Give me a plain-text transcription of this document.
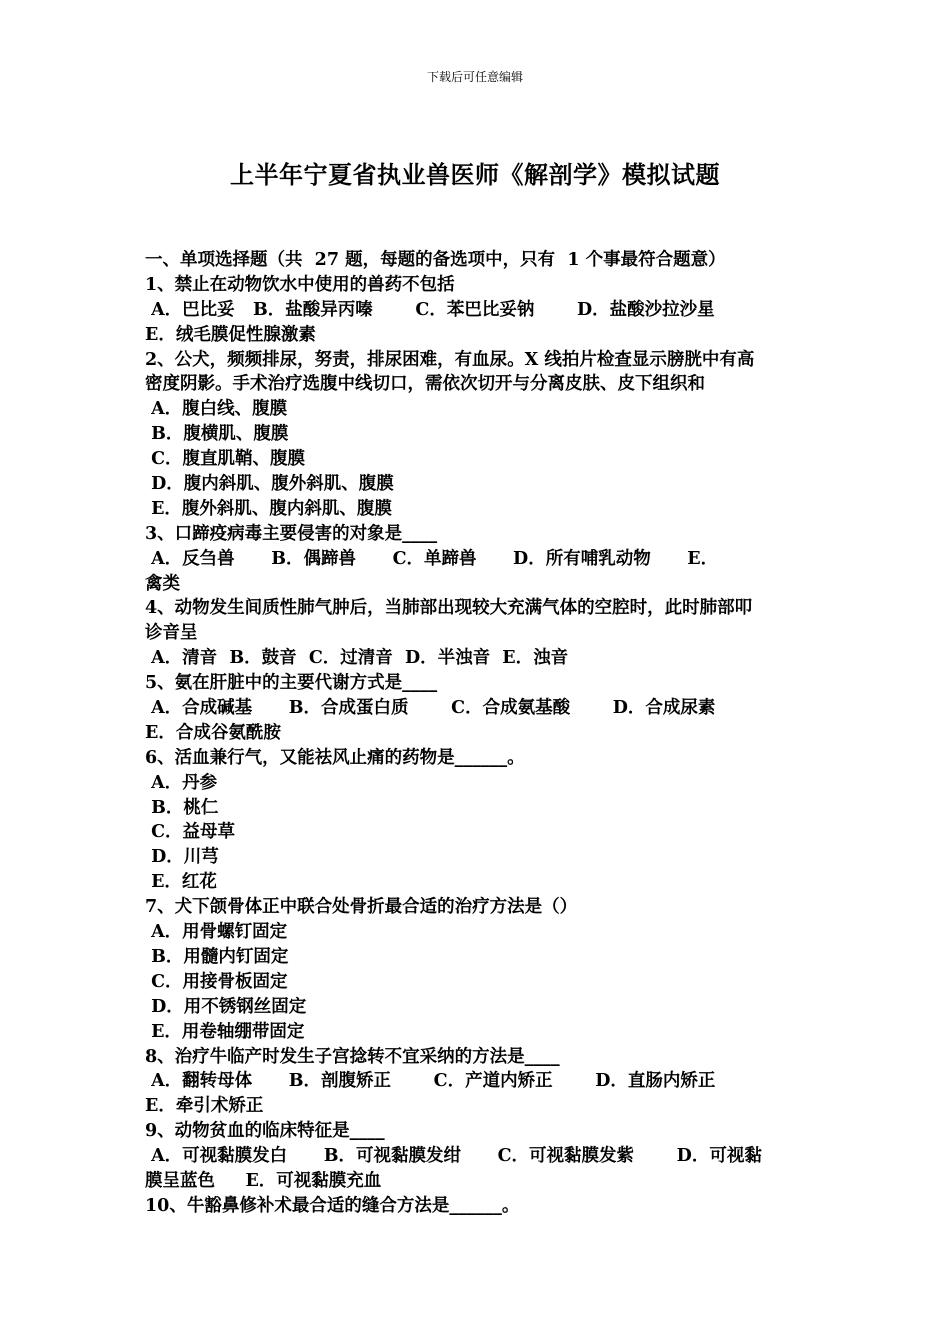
下载后可任意编辑
上半年宁夏省执业兽医师《解剖学》模拟试题
一、单项选择题（共  27 题，每题的备选项中，只有  1 个事最符合题意）
1、禁止在动物饮水中使用的兽药不包括
A．巴比妥   B．盐酸异丙嗪       C．苯巴比妥钠       D．盐酸沙拉沙星
E．绒毛膜促性腺激素
2、公犬，频频排尿，努责，排尿困难，有血尿。X 线拍片检查显示膀胱中有高
密度阴影。手术治疗选腹中线切口，需依次切开与分离皮肤、皮下组织和
A．腹白线、腹膜
B．腹横肌、腹膜
C．腹直肌鞘、腹膜
D．腹内斜肌、腹外斜肌、腹膜
E．腹外斜肌、腹内斜肌、腹膜
3、口蹄疫病毒主要侵害的对象是____
A．反刍兽      B．偶蹄兽      C．单蹄兽      D．所有哺乳动物      E．
禽类
4、动物发生间质性肺气肿后，当肺部出现较大充满气体的空腔时，此时肺部叩
诊音呈
A．清音  B．鼓音  C．过清音  D．半浊音  E．浊音
5、氨在肝脏中的主要代谢方式是____
A．合成碱基      B．合成蛋白质       C．合成氨基酸       D．合成尿素
E．合成谷氨酰胺
6、活血兼行气，又能祛风止痛的药物是______。
A．丹参
B．桃仁
C．益母草
D．川芎
E．红花
7、犬下颌骨体正中联合处骨折最合适的治疗方法是（）
A．用骨螺钉固定
B．用髓内钉固定
C．用接骨板固定
D．用不锈钢丝固定
E．用卷轴绷带固定
8、治疗牛临产时发生子宫捻转不宜采纳的方法是____
A．翻转母体      B．剖腹矫正       C．产道内矫正       D．直肠内矫正
E．牵引术矫正
9、动物贫血的临床特征是____
A．可视黏膜发白      B．可视黏膜发绀      C．可视黏膜发紫       D．可视黏
膜呈蓝色     E．可视黏膜充血
10、牛豁鼻修补术最合适的缝合方法是______。
